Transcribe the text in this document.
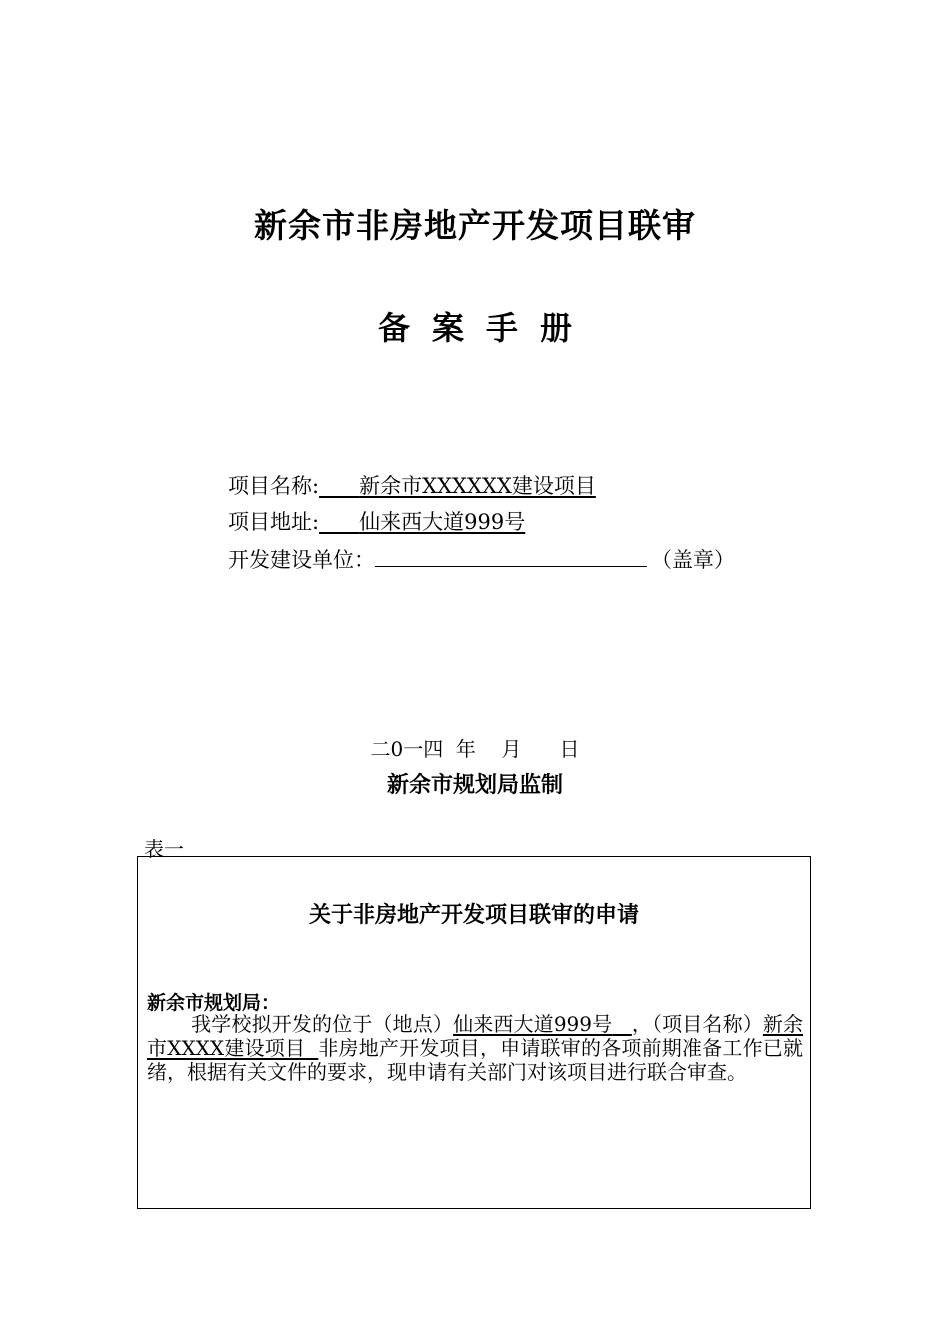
新余市非房地产开发项目联审
备案手册
项目名称: 新余市XXXXXX建设项目
项目地址: 仙来西大道999号
开发建设单位：	（盖章）
二0一四  年    月      日
新余市规划局监制
表一
关于非房地产开发项目联审的申请
新余市规划局：
我学校拟开发的位于（地点）仙来西大道999号 ，（项目名称）新余市XXXX建设项目 非房地产开发项目，申请联审的各项前期准备工作已就绪，根据有关文件的要求，现申请有关部门对该项目进行联合审查。
